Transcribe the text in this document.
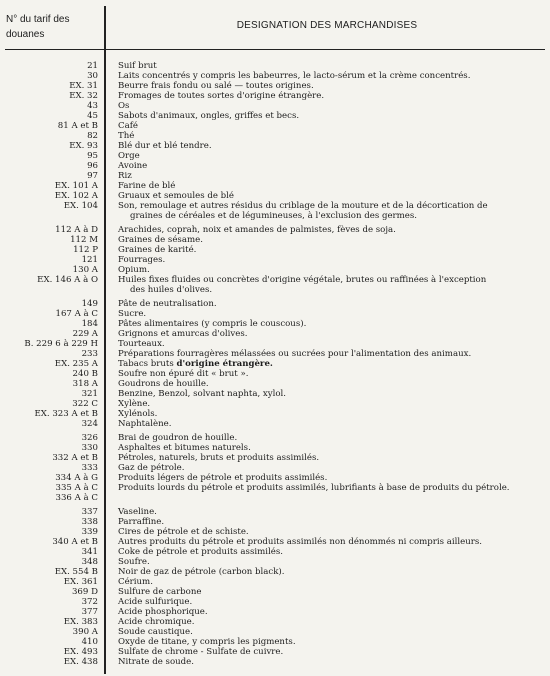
N° du tarif des
douanes
DESIGNATION DES MARCHANDISES
21 Suif brut
30 Laits concentrés y compris les babeurres, le lacto-sérum et la crème concentrés.
EX. 31 Beurre frais fondu ou salé — toutes origines.
EX. 32 Fromages de toutes sortes d'origine étrangère.
43 Os
45 Sabots d'animaux, ongles, griffes et becs.
81 A et B Café
82 Thé
EX. 93 Blé dur et blé tendre.
95 Orge
96 Avoine
97 Riz
EX. 101 A Farine de blé
EX. 102 A Gruaux et semoules de blé
EX. 104 Son, remoulage et autres résidus du criblage de la mouture et de la décortication de
graines de céréales et de légumineuses, à l'exclusion des germes.
112 A à D Arachides, coprah, noix et amandes de palmistes, fèves de soja.
112 M Graines de sésame.
112 P Graines de karité.
121 Fourrages.
130 A Opium.
EX. 146 A à O Huiles fixes fluides ou concrètes d'origine végétale, brutes ou raffinées à l'exception
des huiles d'olives.
149 Pâte de neutralisation.
167 A à C Sucre.
184 Pâtes alimentaires (y compris le couscous).
229 A Grignons et amurcas d'olives.
B. 229 6 à 229 H Tourteaux.
233 Préparations fourragères mélassées ou sucrées pour l'alimentation des animaux.
EX. 235 A Tabacs bruts d'origine étrangère.
240 B Soufre non épuré dit « brut ».
318 A Goudrons de houille.
321 Benzine, Benzol, solvant naphta, xylol.
322 C Xylène.
EX. 323 A et B Xylénols.
324 Naphtalène.
326 Brai de goudron de houille.
330 Asphaltes et bitumes naturels.
332 A et B Pétroles, naturels, bruts et produits assimilés.
333 Gaz de pétrole.
334 A à G Produits légers de pétrole et produits assimilés.
335 A à C Produits lourds du pétrole et produits assimilés, lubrifiants à base de produits du pétrole.
336 A à C
337 Vaseline.
338 Parraffine.
339 Cires de pétrole et de schiste.
340 A et B Autres produits du pétrole et produits assimilés non dénommés ni compris ailleurs.
341 Coke de pétrole et produits assimilés.
348 Soufre.
EX. 554 B Noir de gaz de pétrole (carbon black).
EX. 361 Cérium.
369 D Sulfure de carbone
372 Acide sulfurique.
377 Acide phosphorique.
EX. 383 Acide chromique.
390 A Soude caustique.
410 Oxyde de titane, y compris les pigments.
EX. 493 Sulfate de chrome - Sulfate de cuivre.
EX. 438 Nitrate de soude.
